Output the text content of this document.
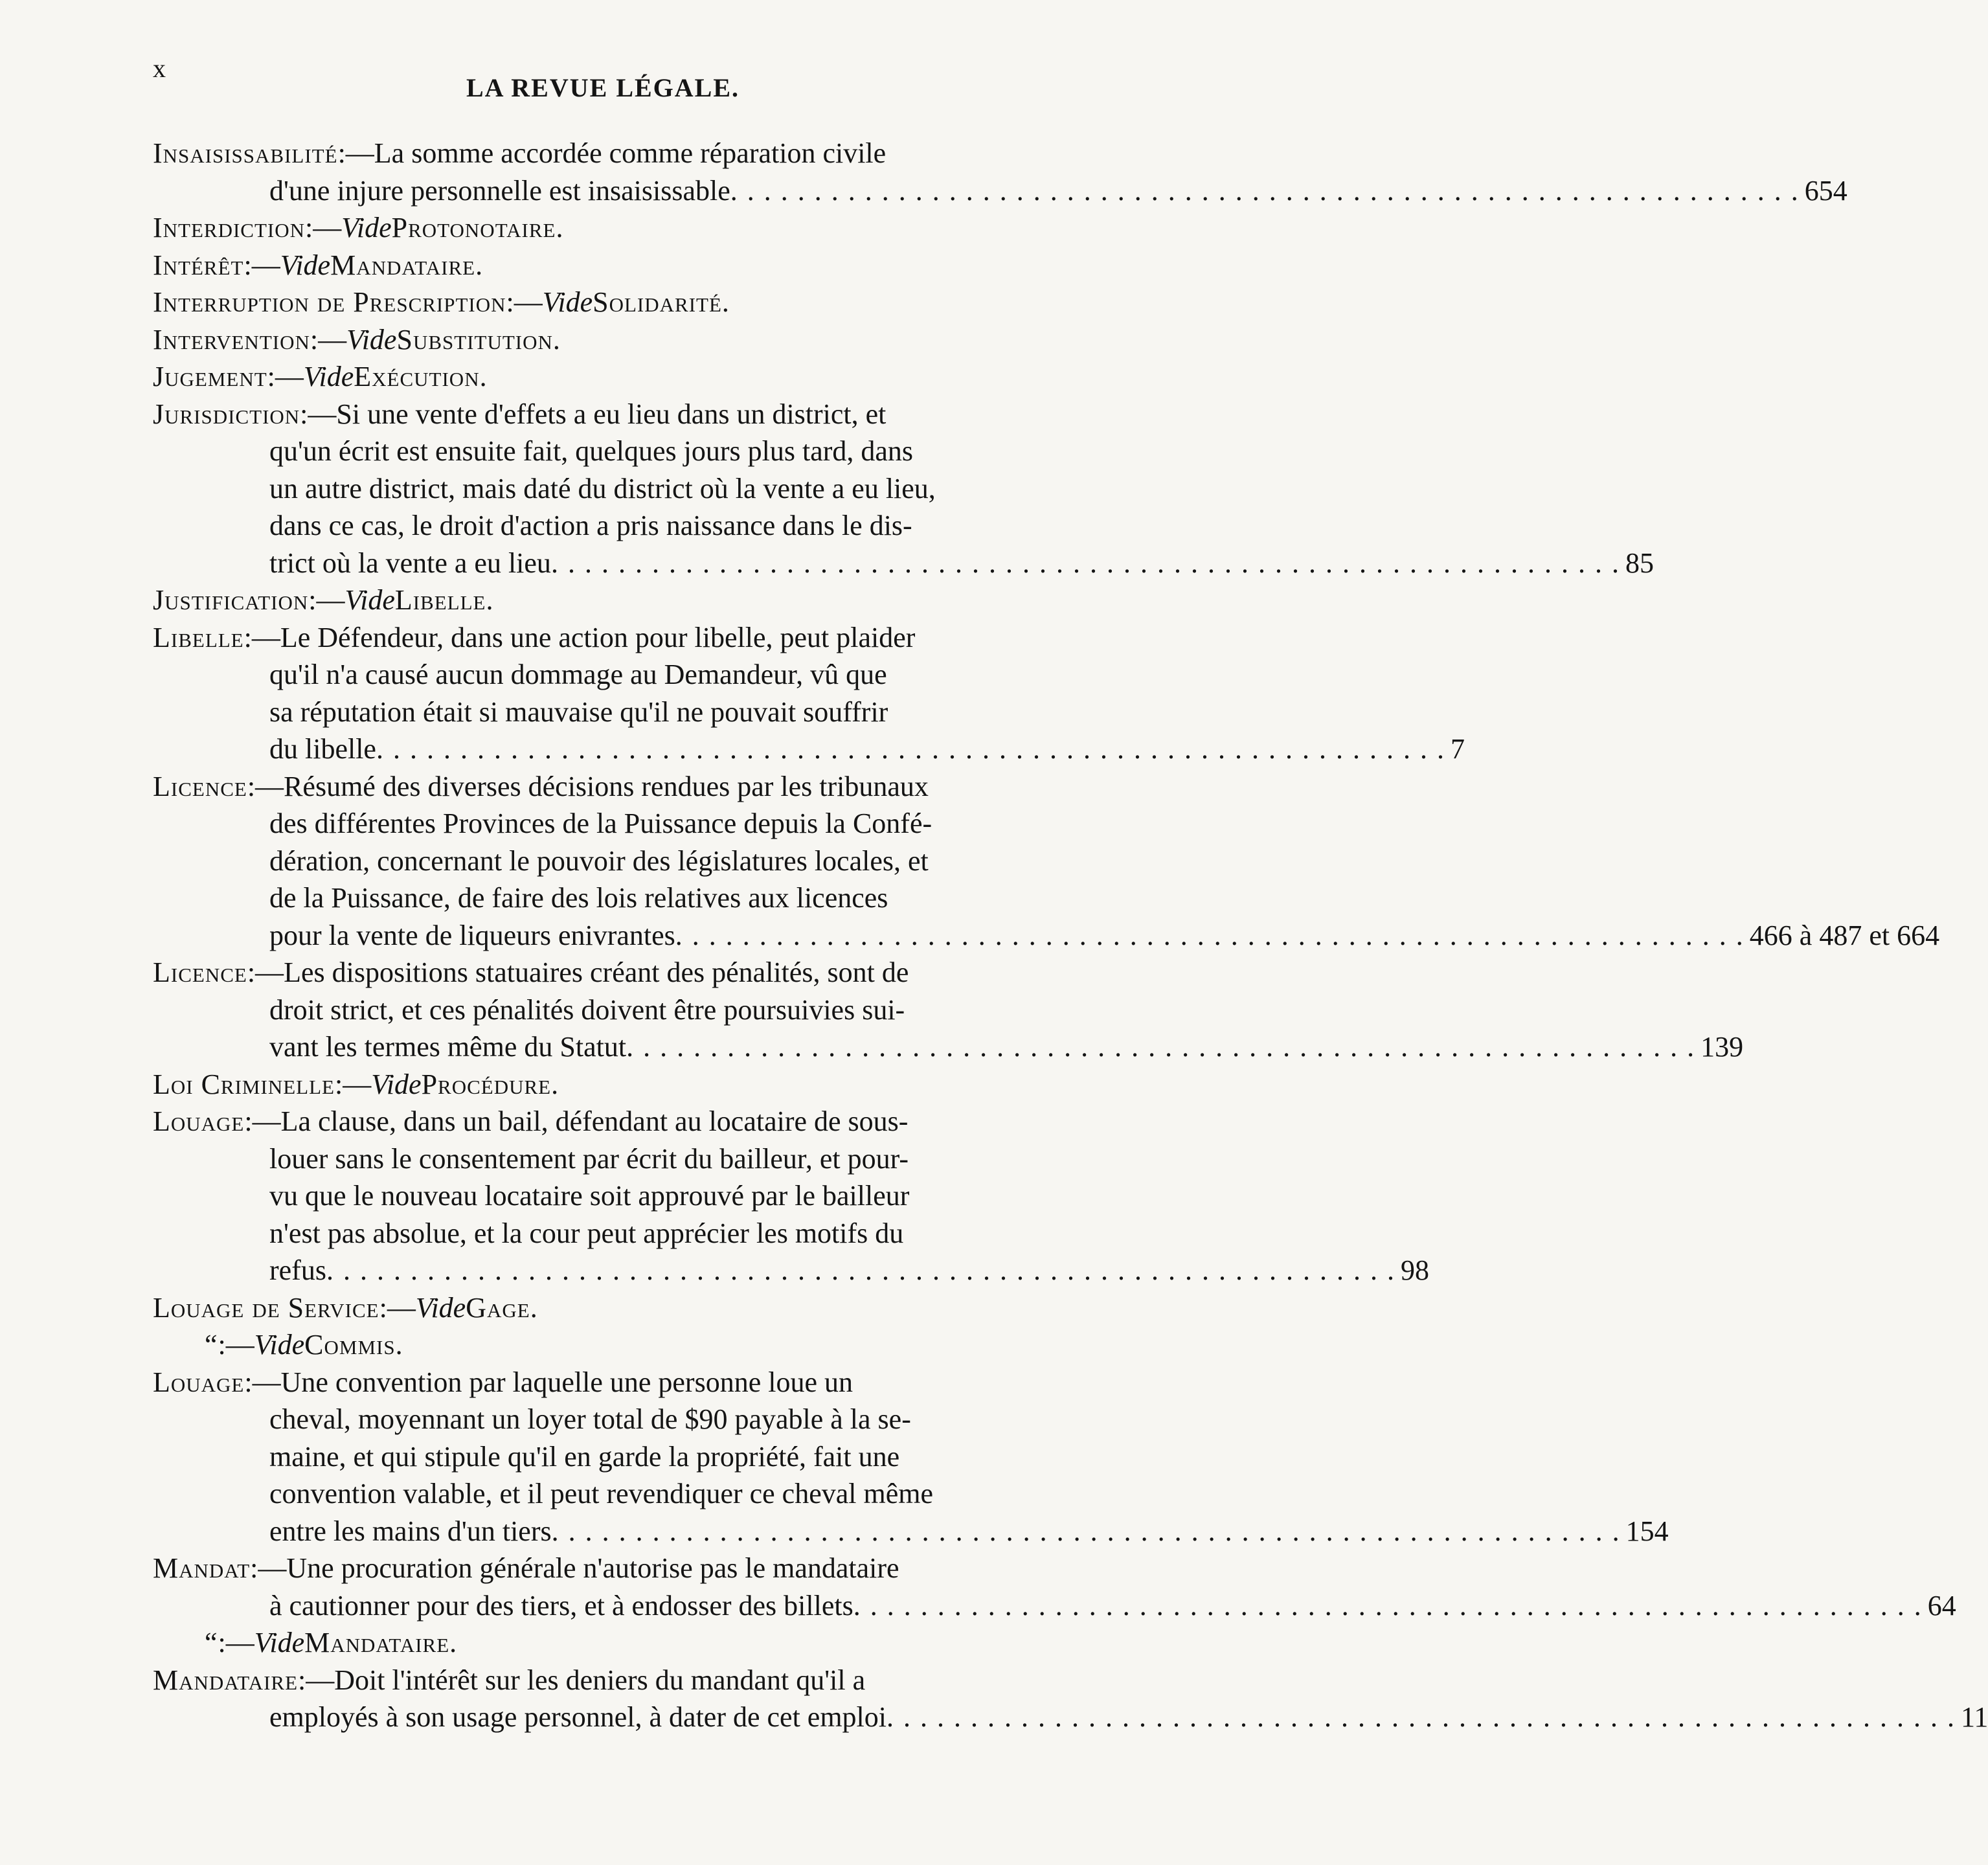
x
LA REVUE LÉGALE.
Insaisissabilité :— La somme accordée comme réparation civile
d'une injure personnelle est insaisissable . . . . . . . . . . . . . . . . . . . . . . . . . . . . . . . . . . . . . . . . . . . . . . . . . . . . . . . . . . . . . . . . 654
Interdiction :— Vide Protonotaire.
Intérêt :— Vide Mandataire.
Interruption de Prescription :— Vide Solidarité.
Intervention :— Vide Substitution.
Jugement :— Vide Exécution.
Jurisdiction :— Si une vente d'effets a eu lieu dans un district, et
qu'un écrit est ensuite fait, quelques jours plus tard, dans
un autre district, mais daté du district où la vente a eu lieu,
dans ce cas, le droit d'action a pris naissance dans le dis-
trict où la vente a eu lieu . . . . . . . . . . . . . . . . . . . . . . . . . . . . . . . . . . . . . . . . . . . . . . . . . . . . . . . . . . . . . . . . 85
Justification :— Vide Libelle.
Libelle :— Le Défendeur, dans une action pour libelle, peut plaider
qu'il n'a causé aucun dommage au Demandeur, vû que
sa réputation était si mauvaise qu'il ne pouvait souffrir
du libelle . . . . . . . . . . . . . . . . . . . . . . . . . . . . . . . . . . . . . . . . . . . . . . . . . . . . . . . . . . . . . . . . 7
Licence :— Résumé des diverses décisions rendues par les tribunaux
des différentes Provinces de la Puissance depuis la Confé-
dération, concernant le pouvoir des législatures locales, et
de la Puissance, de faire des lois relatives aux licences
pour la vente de liqueurs enivrantes . . . . . . . . . . . . . . . . . . . . . . . . . . . . . . . . . . . . . . . . . . . . . . . . . . . . . . . . . . . . . . . . 466 à 487 et 664
Licence :— Les dispositions statuaires créant des pénalités, sont de
droit strict, et ces pénalités doivent être poursuivies sui-
vant les termes même du Statut . . . . . . . . . . . . . . . . . . . . . . . . . . . . . . . . . . . . . . . . . . . . . . . . . . . . . . . . . . . . . . . . 139
Loi Criminelle :— Vide Procédure.
Louage :— La clause, dans un bail, défendant au locataire de sous-
louer sans le consentement par écrit du bailleur, et pour-
vu que le nouveau locataire soit approuvé par le bailleur
n'est pas absolue, et la cour peut apprécier les motifs du
refus . . . . . . . . . . . . . . . . . . . . . . . . . . . . . . . . . . . . . . . . . . . . . . . . . . . . . . . . . . . . . . . . 98
Louage de Service :— Vide Gage.
“ :— Vide Commis.
Louage :— Une convention par laquelle une personne loue un
cheval, moyennant un loyer total de $90 payable à la se-
maine, et qui stipule qu'il en garde la propriété, fait une
convention valable, et il peut revendiquer ce cheval même
entre les mains d'un tiers . . . . . . . . . . . . . . . . . . . . . . . . . . . . . . . . . . . . . . . . . . . . . . . . . . . . . . . . . . . . . . . . 154
Mandat :— Une procuration générale n'autorise pas le mandataire
à cautionner pour des tiers, et à endosser des billets . . . . . . . . . . . . . . . . . . . . . . . . . . . . . . . . . . . . . . . . . . . . . . . . . . . . . . . . . . . . . . . . 64
“ :— Vide Mandataire.
Mandataire :— Doit l'intérêt sur les deniers du mandant qu'il a
employés à son usage personnel, à dater de cet emploi . . . . . . . . . . . . . . . . . . . . . . . . . . . . . . . . . . . . . . . . . . . . . . . . . . . . . . . . . . . . . . . . 11
